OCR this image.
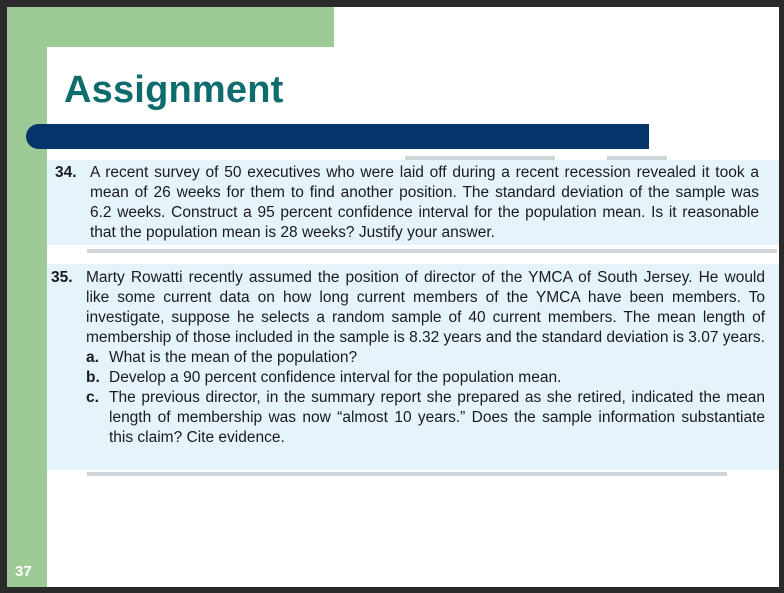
Assignment
34. A recent survey of 50 executives who were laid off during a recent recession revealed it took a mean of 26 weeks for them to find another position. The standard deviation of the sample was 6.2 weeks. Construct a 95 percent confidence interval for the population mean. Is it reasonable that the population mean is 28 weeks? Justify your answer.
35. Marty Rowatti recently assumed the position of director of the YMCA of South Jersey. He would like some current data on how long current members of the YMCA have been members. To investigate, suppose he selects a random sample of 40 current members. The mean length of membership of those included in the sample is 8.32 years and the standard deviation is 3.07 years.
a. What is the mean of the population?
b. Develop a 90 percent confidence interval for the population mean.
c. The previous director, in the summary report she prepared as she retired, indicated the mean length of membership was now “almost 10 years.” Does the sample information substantiate this claim? Cite evidence.
37
